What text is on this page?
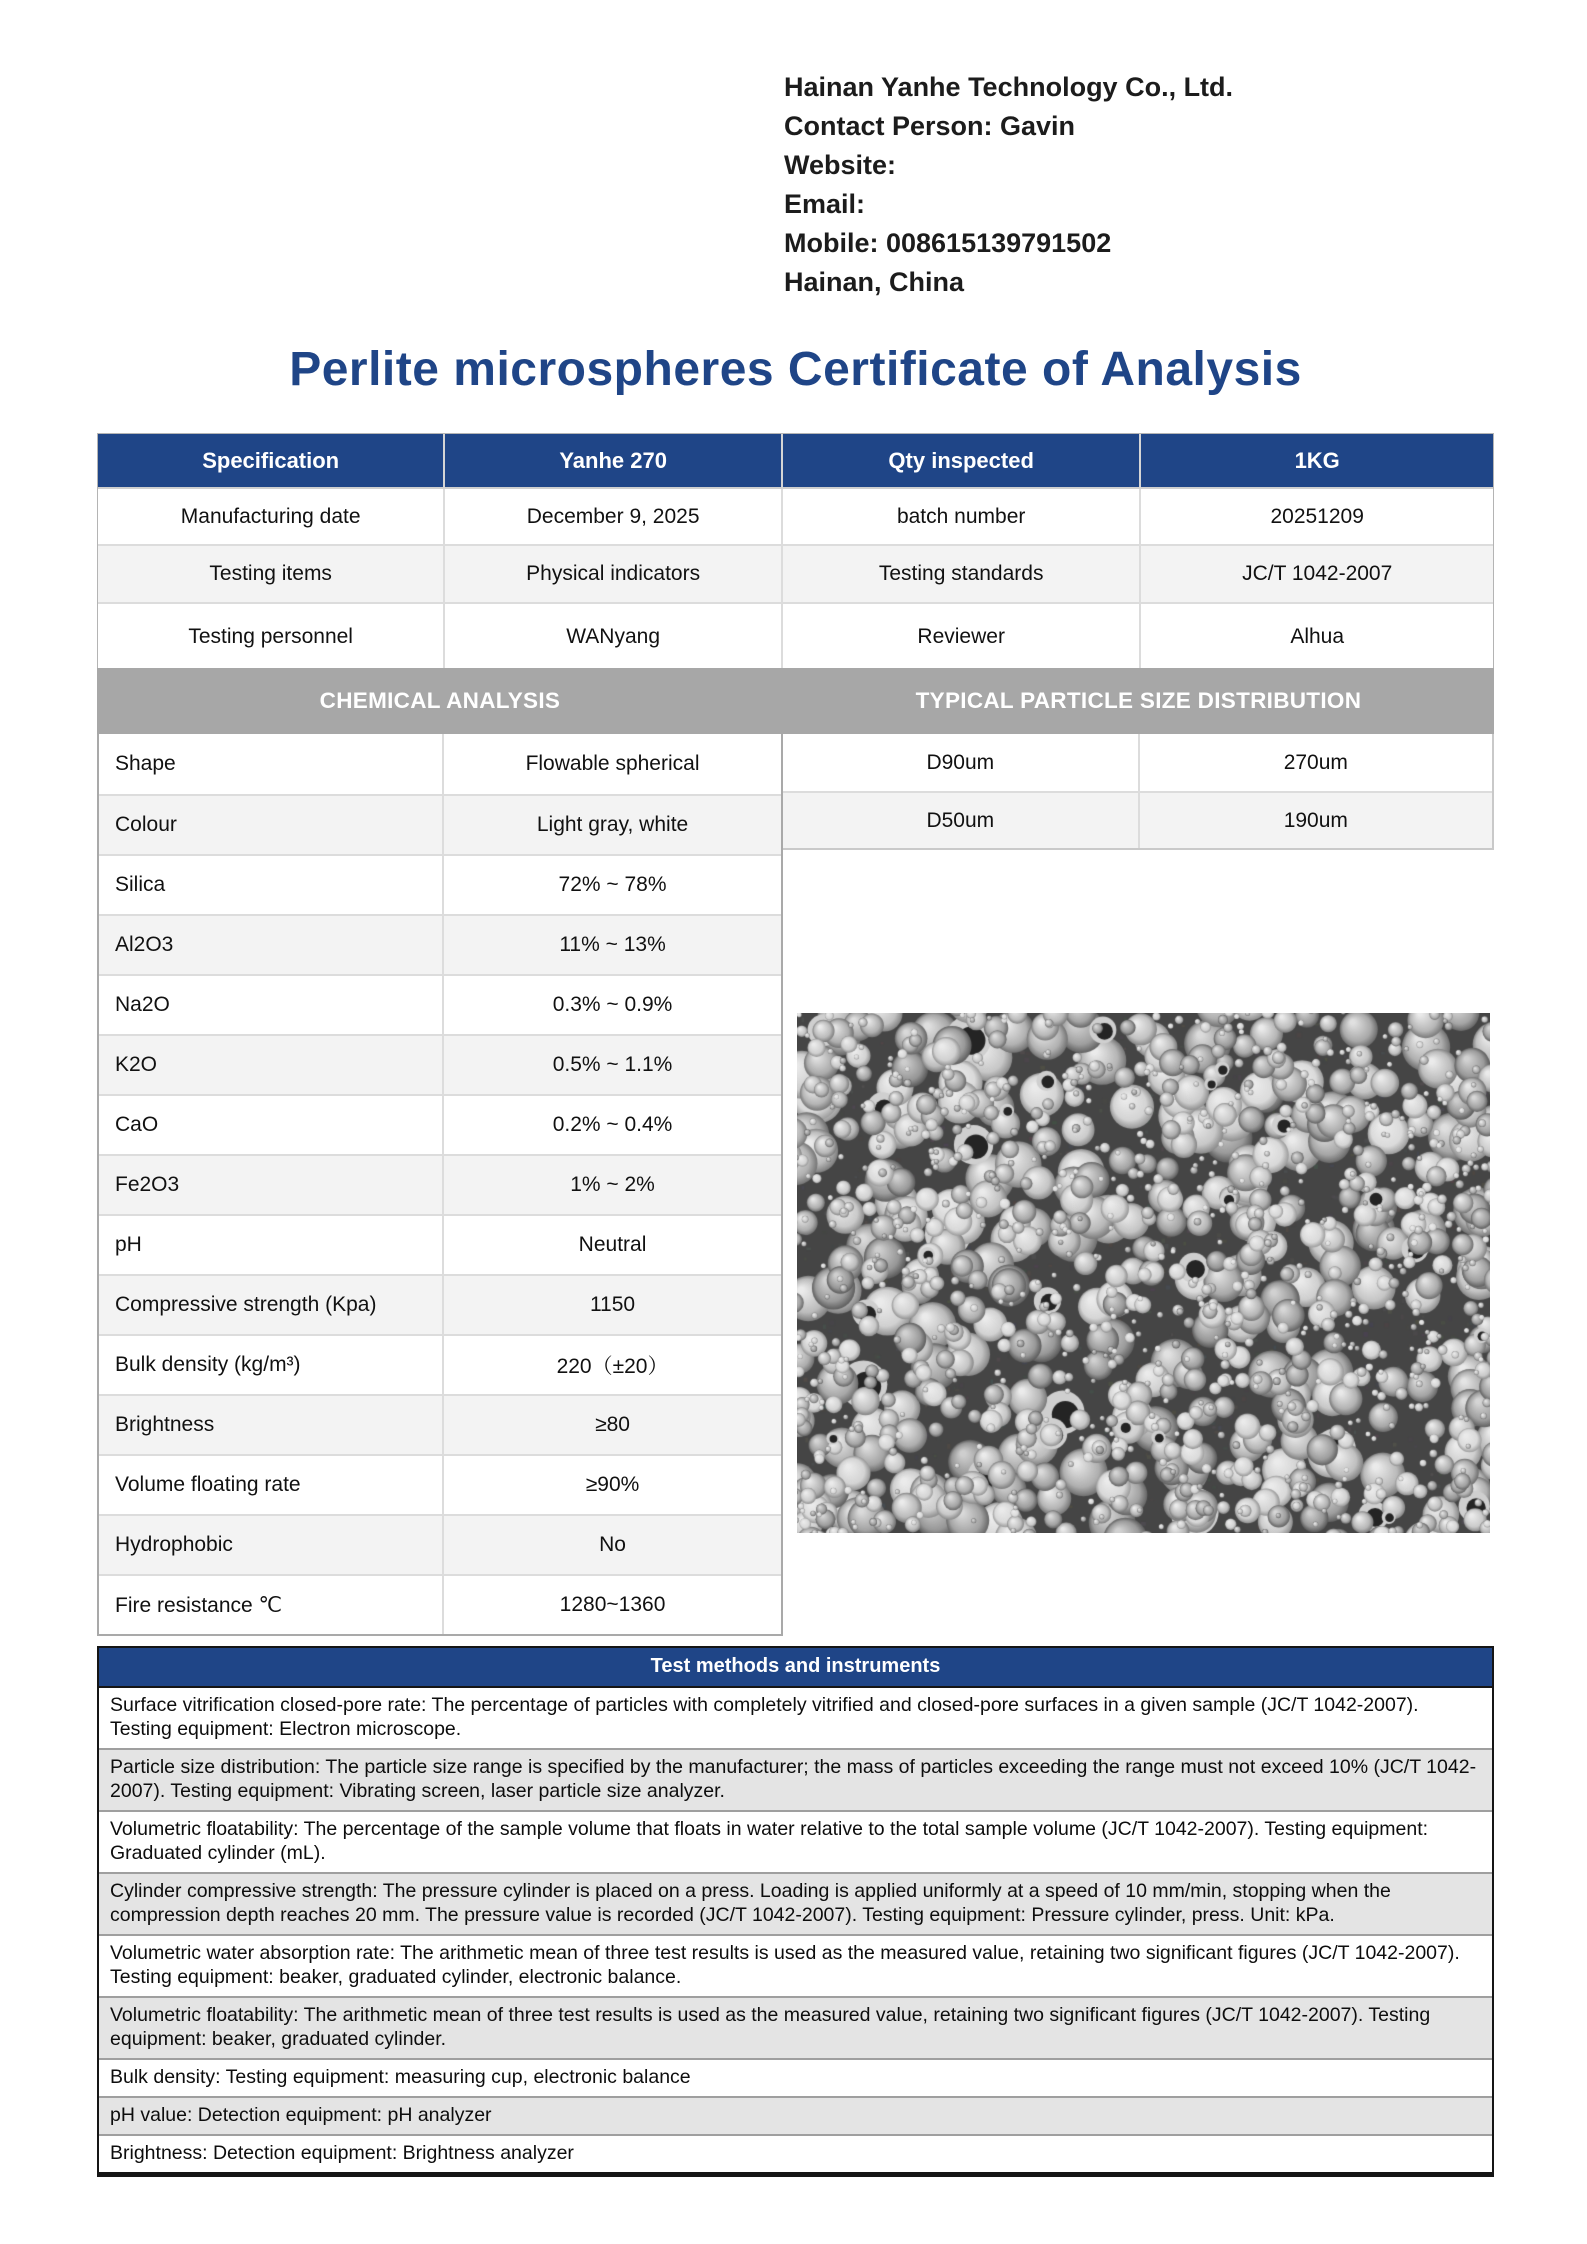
Hainan Yanhe Technology Co., Ltd.
Contact Person: Gavin
Website:
Email:
Mobile: 008615139791502
Hainan, China
Perlite microspheres Certificate of Analysis
Specification	Yanhe 270	Qty inspected	1KG
Manufacturing date	December 9, 2025	batch number	20251209
Testing items	Physical indicators	Testing standards	JC/T 1042-2007
Testing personnel	WANyang	Reviewer	Alhua
CHEMICAL ANALYSIS	TYPICAL PARTICLE SIZE DISTRIBUTION
Shape	Flowable spherical
Colour	Light gray, white
Silica	72% ~ 78%
Al2O3	11% ~ 13%
Na2O	0.3% ~ 0.9%
K2O	0.5% ~ 1.1%
CaO	0.2% ~ 0.4%
Fe2O3	1% ~ 2%
pH	Neutral
Compressive strength (Kpa)	1150
Bulk density (kg/m³)	220（±20）
Brightness	≥80
Volume floating rate	≥90%
Hydrophobic	No
Fire resistance ℃	1280~1360
D90um	270um
D50um	190um
Test methods and instruments
Surface vitrification closed-pore rate: The percentage of particles with completely vitrified and closed-pore surfaces in a given sample (JC/T 1042-2007). Testing equipment: Electron microscope.
Particle size distribution: The particle size range is specified by the manufacturer; the mass of particles exceeding the range must not exceed 10% (JC/T 1042-2007). Testing equipment: Vibrating screen, laser particle size analyzer.
Volumetric floatability: The percentage of the sample volume that floats in water relative to the total sample volume (JC/T 1042-2007). Testing equipment: Graduated cylinder (mL).
Cylinder compressive strength: The pressure cylinder is placed on a press. Loading is applied uniformly at a speed of 10 mm/min, stopping when the compression depth reaches 20 mm. The pressure value is recorded (JC/T 1042-2007). Testing equipment: Pressure cylinder, press. Unit: kPa.
Volumetric water absorption rate: The arithmetic mean of three test results is used as the measured value, retaining two significant figures (JC/T 1042-2007). Testing equipment: beaker, graduated cylinder, electronic balance.
Volumetric floatability: The arithmetic mean of three test results is used as the measured value, retaining two significant figures (JC/T 1042-2007). Testing equipment: beaker, graduated cylinder.
Bulk density: Testing equipment: measuring cup, electronic balance
pH value: Detection equipment: pH analyzer
Brightness: Detection equipment: Brightness analyzer
